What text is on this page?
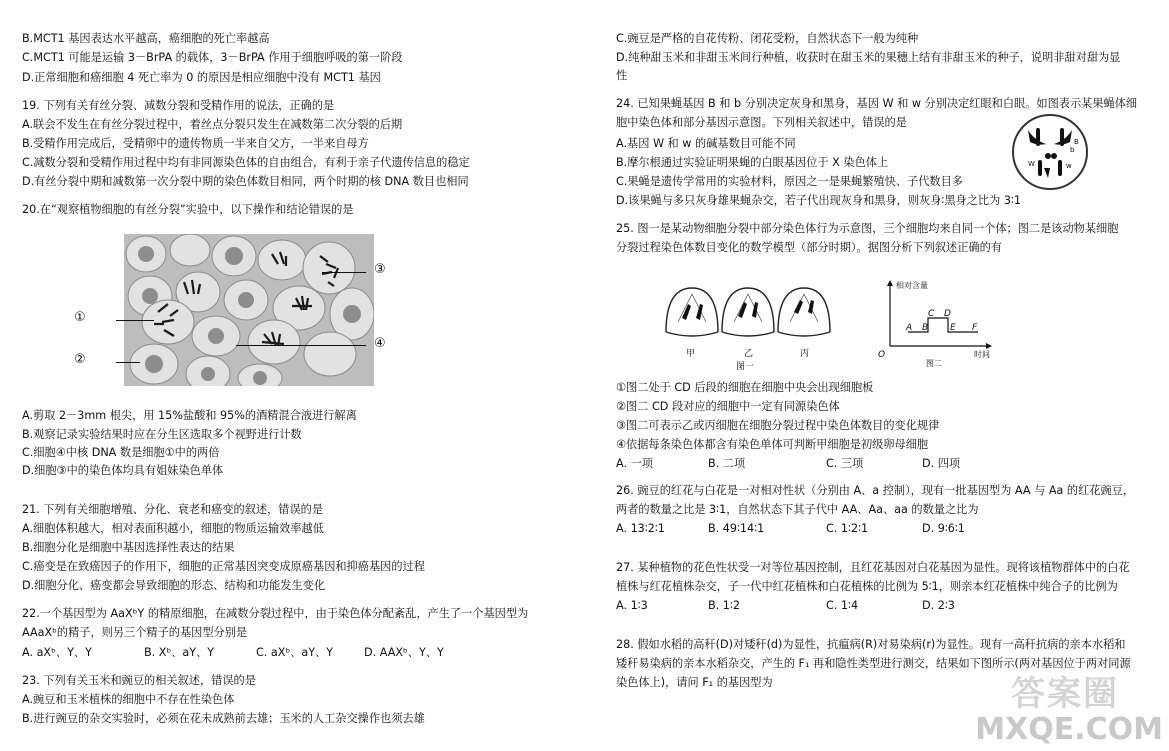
B.MCT1 基因表达水平越高，癌细胞的死亡率越高
C.MCT1 可能是运输 3－BrPA 的载体，3－BrPA 作用于细胞呼吸的第一阶段
D.正常细胞和癌细胞 4 死亡率为 0 的原因是相应细胞中没有 MCT1 基因
19. 下列有关有丝分裂、减数分裂和受精作用的说法，正确的是
A.联会不发生在有丝分裂过程中，着丝点分裂只发生在减数第二次分裂的后期
B.受精作用完成后，受精卵中的遗传物质一半来自父方，一半来自母方
C.减数分裂和受精作用过程中均有非同源染色体的自由组合，有利于亲子代遗传信息的稳定
D.有丝分裂中期和减数第一次分裂中期的染色体数目相同，两个时期的核 DNA 数目也相同
20.在“观察植物细胞的有丝分裂”实验中，以下操作和结论错误的是
①
②
③
④
A.剪取 2－3mm 根尖，用 15%盐酸和 95%的酒精混合液进行解离
B.观察记录实验结果时应在分生区选取多个视野进行计数
C.细胞④中核 DNA 数是细胞①中的两倍
D.细胞③中的染色体均具有姐妹染色单体
21. 下列有关细胞增殖、分化、衰老和癌变的叙述，错误的是
A.细胞体积越大，相对表面积越小，细胞的物质运输效率越低
B.细胞分化是细胞中基因选择性表达的结果
C.癌变是在致癌因子的作用下，细胞的正常基因突变成原癌基因和抑癌基因的过程
D.细胞分化、癌变都会导致细胞的形态、结构和功能发生变化
22.一个基因型为 AaXᵇY 的精原细胞，在减数分裂过程中，由于染色体分配紊乱，产生了一个基因型为
AAaXᵇ的精子，则另三个精子的基因型分别是
A. aXᵇ、Y、Y	B. Xᵇ、aY、Y	C. aXᵇ、aY、Y	D. AAXᵇ、Y、Y
23. 下列有关玉米和豌豆的相关叙述，错误的是
A.豌豆和玉米植株的细胞中不存在性染色体
B.进行豌豆的杂交实验时，必须在花未成熟前去雄；玉米的人工杂交操作也须去雄
C.豌豆是严格的自花传粉、闭花受粉，自然状态下一般为纯种
D.纯种甜玉米和非甜玉米间行种植，收获时在甜玉米的果穗上结有非甜玉米的种子，说明非甜对甜为显
性
24. 已知果蝇基因 B 和 b 分别决定灰身和黑身，基因 W 和 w 分别决定红眼和白眼。如图表示某果蝇体细
胞中染色体和部分基因示意图。下列相关叙述中，错误的是
A.基因 W 和 w 的碱基数目可能不同
B.摩尔根通过实验证明果蝇的白眼基因位于 X 染色体上
C.果蝇是遗传学常用的实验材料，原因之一是果蝇繁殖快、子代数目多
D.该果蝇与多只灰身雄果蝇杂交，若子代出现灰身和黑身，则灰身∶黑身之比为 3∶1
B
b
W	w
25. 图一是某动物细胞分裂中部分染色体行为示意图，三个细胞均来自同一个体；图二是该动物某细胞
分裂过程染色体数目变化的数学模型（部分时期）。据图分析下列叙述正确的有
甲	乙	丙
图一
相对含量
O	时间
A B
C D
E F
图二
①图二处于 CD 后段的细胞在细胞中央会出现细胞板
②图二 CD 段对应的细胞中一定有同源染色体
③图二可表示乙或丙细胞在细胞分裂过程中染色体数目的变化规律
④依据每条染色体都含有染色单体可判断甲细胞是初级卵母细胞
A. 一项	B. 二项	C. 三项	D. 四项
26. 豌豆的红花与白花是一对相对性状（分别由 A、a 控制），现有一批基因型为 AA 与 Aa 的红花豌豆，
两者的数量之比是 3∶1，自然状态下其子代中 AA、Aa、aa 的数量之比为
A. 13∶2∶1	B. 49∶14∶1	C. 1∶2∶1	D. 9∶6∶1
27. 某种植物的花色性状受一对等位基因控制，且红花基因对白花基因为显性。现将该植物群体中的白花
植株与红花植株杂交，子一代中红花植株和白花植株的比例为 5∶1，则亲本红花植株中纯合子的比例为
A. 1∶3	B. 1∶2	C. 1∶4	D. 2∶3
28. 假如水稻的高秆(D)对矮秆(d)为显性，抗瘟病(R)对易染病(r)为显性。现有一高秆抗病的亲本水稻和
矮秆易染病的亲本水稻杂交，产生的 F₁ 再和隐性类型进行测交，结果如下图所示(两对基因位于两对同源
染色体上)，请问 F₁ 的基因型为	答案圈
MXQE.COM
